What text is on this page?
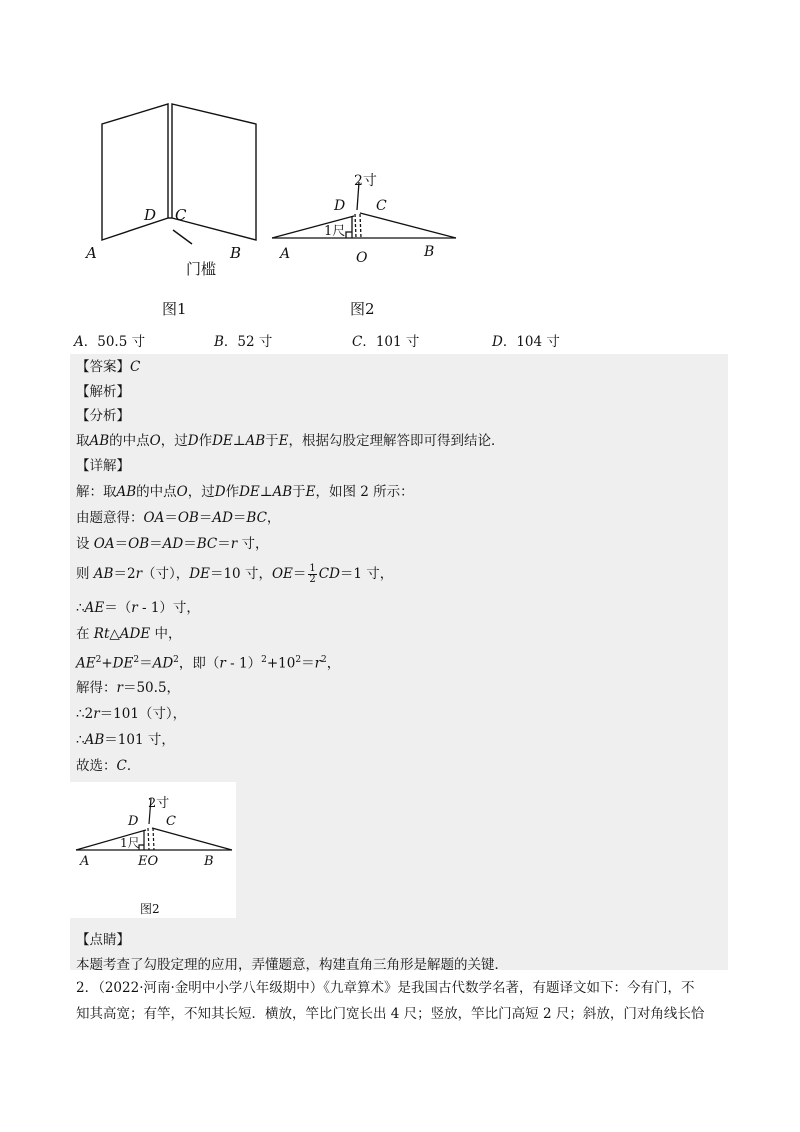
A
D C
B
门槛
图1
2寸
D C
1尺
A	O	B
图2
A．50.5 寸	B．52 寸	C．101 寸	D．104 寸
【答案】C
【解析】
【分析】
取AB的中点O，过D作DE⊥AB于E，根据勾股定理解答即可得到结论．
【详解】
解：取AB的中点O，过D作DE⊥AB于E，如图 2 所示：
由题意得：OA＝OB＝AD＝BC，
设 OA＝OB＝AD＝BC＝r 寸，
则 AB＝2r（寸），DE＝10 寸，$OE= \frac{1}{2} CD=1$ 寸，
∴AE＝（r - 1）寸，
在 Rt△ADE 中，
$AE^2+DE^2=AD^2$，即$(r - 1)^2+10^2=r^2$，
解得：r＝50.5，
∴2r＝101（寸），
∴AB＝101 寸，
故选：C．
2寸
D C
1尺
A	EO	B
图2
【点睛】
本题考查了勾股定理的应用，弄懂题意，构建直角三角形是解题的关键．
2．（2022·河南·金明中小学八年级期中）《九章算术》是我国古代数学名著，有题译文如下：今有门，不
知其高宽；有竿，不知其长短．横放，竿比门宽长出 4 尺；竖放，竿比门高短 2 尺；斜放，门对角线长恰
